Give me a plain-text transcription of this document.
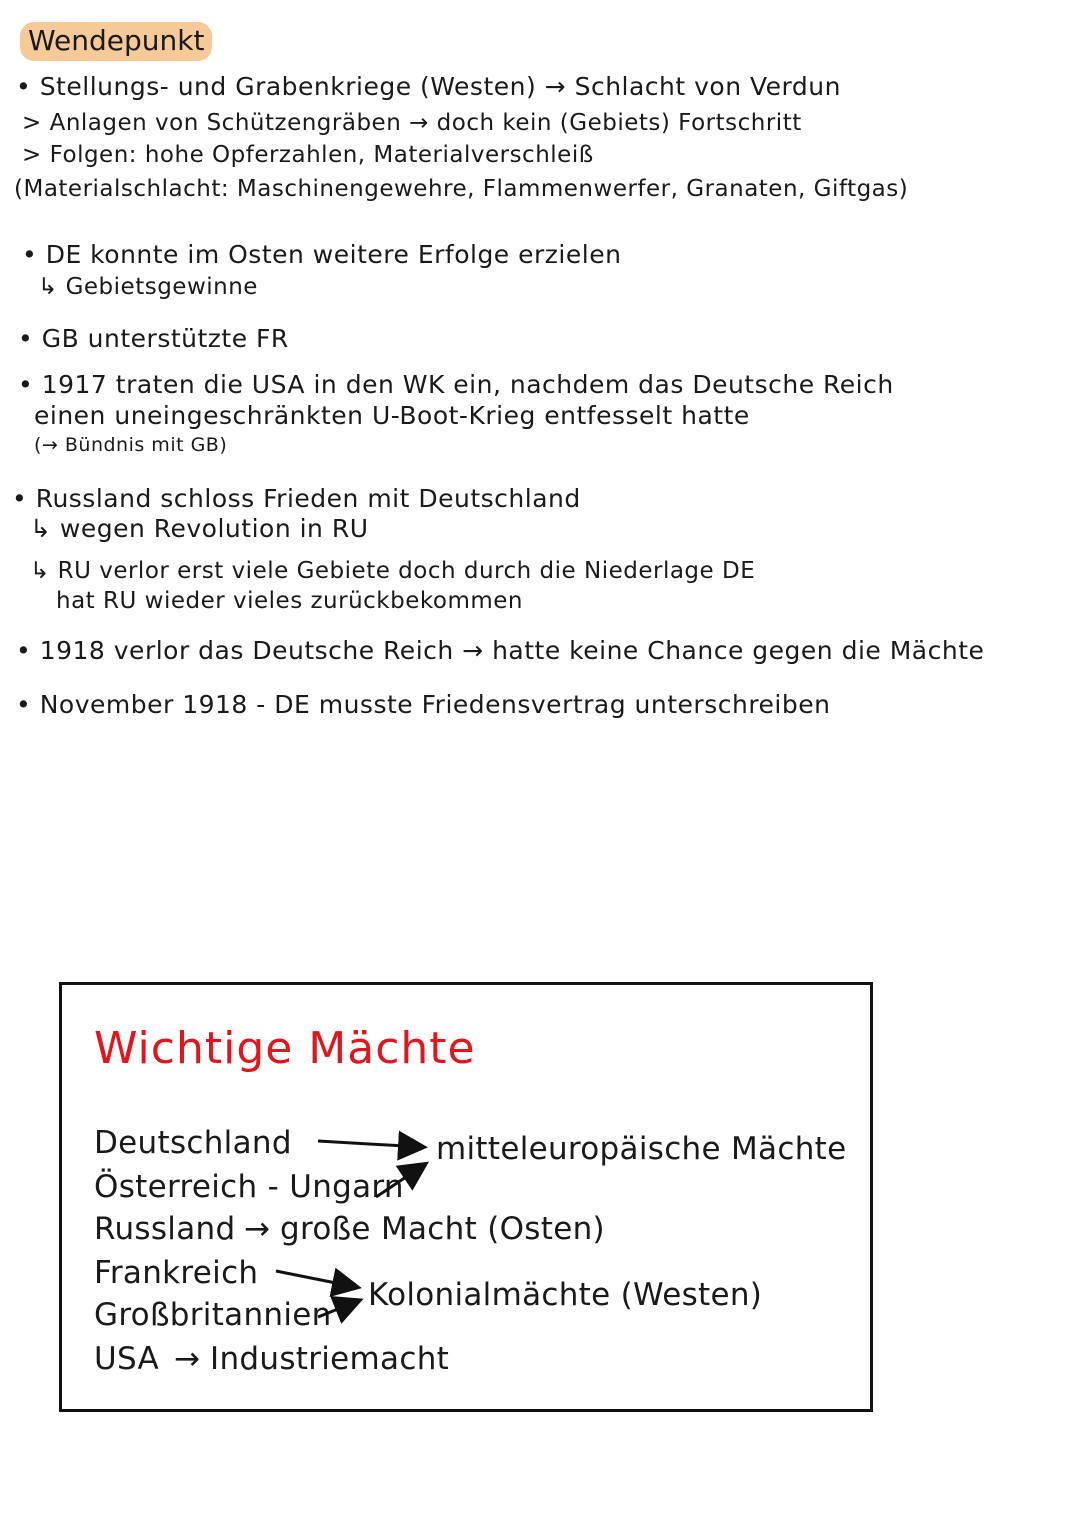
Wendepunkt
• Stellungs- und Grabenkriege (Westen) → Schlacht von Verdun
> Anlagen von Schützengräben → doch kein (Gebiets) Fortschritt
> Folgen: hohe Opferzahlen, Materialverschleiß
(Materialschlacht: Maschinengewehre, Flammenwerfer, Granaten, Giftgas)
• DE konnte im Osten weitere Erfolge erzielen
↳ Gebietsgewinne
• GB unterstützte FR
• 1917 traten die USA in den WK ein, nachdem das Deutsche Reich
einen uneingeschränkten U-Boot-Krieg entfesselt hatte
(→ Bündnis mit GB)
• Russland schloss Frieden mit Deutschland
↳ wegen Revolution in RU
↳ RU verlor erst viele Gebiete doch durch die Niederlage DE
hat RU wieder vieles zurückbekommen
• 1918 verlor das Deutsche Reich → hatte keine Chance gegen die Mächte
• November 1918 - DE musste Friedensvertrag unterschreiben
Wichtige Mächte
Deutschland
Österreich - Ungarn
mitteleuropäische Mächte
Russland → große Macht (Osten)
Frankreich
Großbritannien
Kolonialmächte (Westen)
USA → Industriemacht
